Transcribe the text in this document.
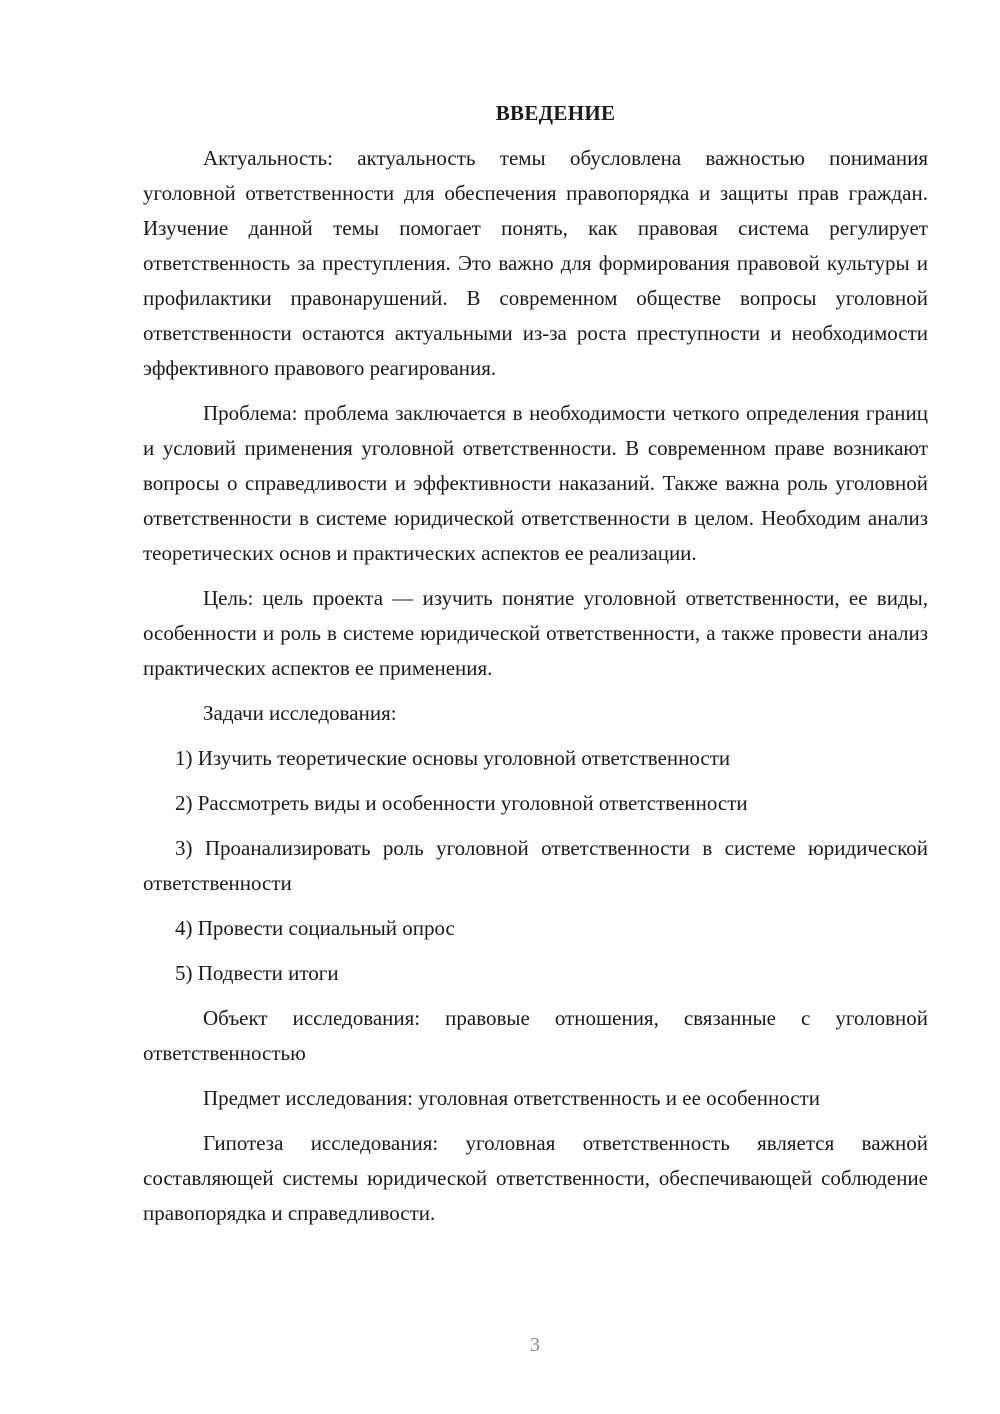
ВВЕДЕНИЕ

Актуальность: актуальность темы обусловлена важностью понимания уголовной ответственности для обеспечения правопорядка и защиты прав граждан. Изучение данной темы помогает понять, как правовая система регулирует ответственность за преступления. Это важно для формирования правовой культуры и профилактики правонарушений. В современном обществе вопросы уголовной ответственности остаются актуальными из-за роста преступности и необходимости эффективного правового реагирования.

Проблема: проблема заключается в необходимости четкого определения границ и условий применения уголовной ответственности. В современном праве возникают вопросы о справедливости и эффективности наказаний. Также важна роль уголовной ответственности в системе юридической ответственности в целом. Необходим анализ теоретических основ и практических аспектов ее реализации.

Цель: цель проекта — изучить понятие уголовной ответственности, ее виды, особенности и роль в системе юридической ответственности, а также провести анализ практических аспектов ее применения.

Задачи исследования:

1) Изучить теоретические основы уголовной ответственности

2) Рассмотреть виды и особенности уголовной ответственности

3) Проанализировать роль уголовной ответственности в системе юридической ответственности

4) Провести социальный опрос

5) Подвести итоги

Объект исследования: правовые отношения, связанные с уголовной ответственностью

Предмет исследования: уголовная ответственность и ее особенности

Гипотеза исследования: уголовная ответственность является важной составляющей системы юридической ответственности, обеспечивающей соблюдение правопорядка и справедливости.

3
